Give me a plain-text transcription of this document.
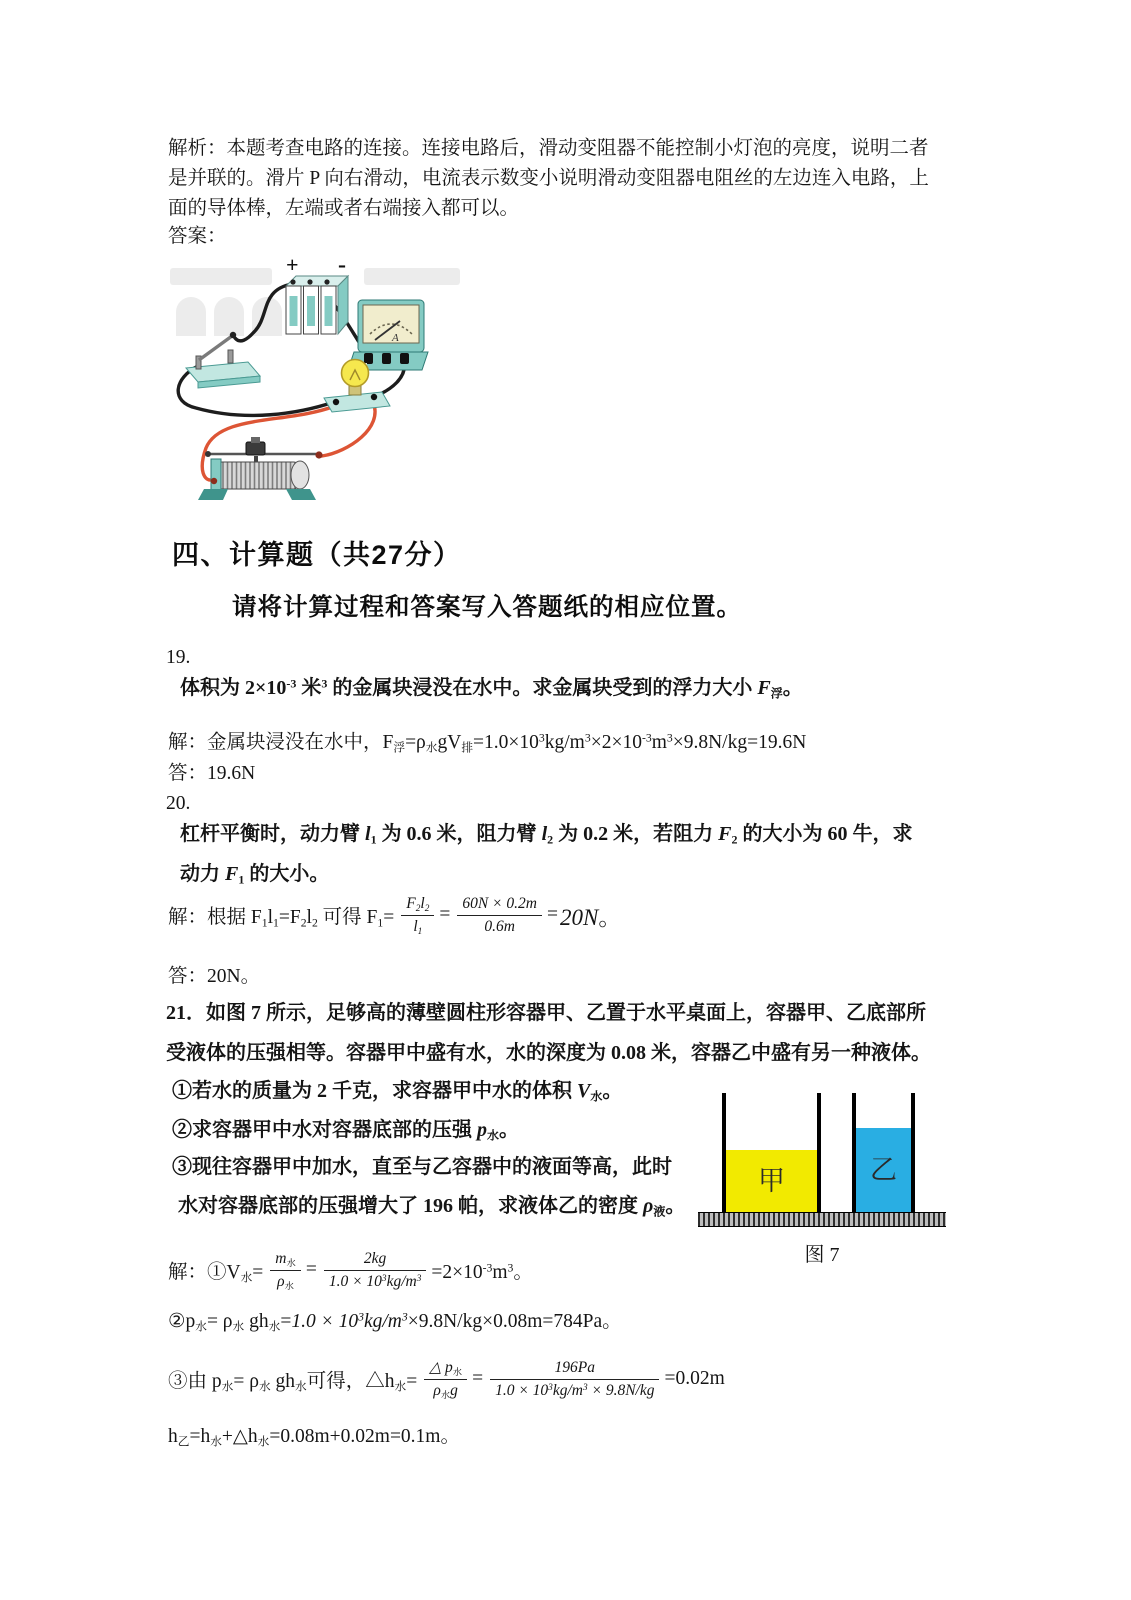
解析：本题考查电路的连接。连接电路后，滑动变阻器不能控制小灯泡的亮度，说明二者是并联的。滑片 P 向右滑动，电流表示数变小说明滑动变阻器电阻丝的左边连入电路，上面的导体棒，左端或者右端接入都可以。
答案：
+ -
A
四、计算题（共27分）
请将计算过程和答案写入答题纸的相应位置。
19.
体积为 $2\times 10^{-3}$ 米$^3$ 的金属块浸没在水中。求金属块受到的浮力大小 $F_浮$。
解：金属块浸没在水中，$F_浮=\rho_水gV_排=1.0\times 10^3kg/m^3\times 2\times 10^{-3}m^3\times 9.8N/kg=19.6N$
答：19.6N
20.
杠杆平衡时，动力臂 $l_1$ 为 0.6 米，阻力臂 $l_2$ 为 0.2 米，若阻力 $F_2$ 的大小为 60 牛，求动力 $F_1$ 的大小。
解：根据 $F_1l_1=F_2l_2$ 可得 $F_1= \frac{F_2l_2}{l_1} = \frac{60N \times 0.2m}{0.6m} = 20N$。
答：20N。
21．如图 7 所示，足够高的薄壁圆柱形容器甲、乙置于水平桌面上，容器甲、乙底部所受液体的压强相等。容器甲中盛有水，水的深度为 0.08 米，容器乙中盛有另一种液体。
①若水的质量为 2 千克，求容器甲中水的体积 $V_水$。
②求容器甲中水对容器底部的压强 $p_水$。
③现往容器甲中加水，直至与乙容器中的液面等高，此时
水对容器底部的压强增大了 196 帕，求液体乙的密度 $\rho_液$。
甲	乙
图 7
解：$①V_水= \frac{m_水}{\rho_水} = \frac{2kg}{1.0 \times 10^3kg/m^3} =2\times 10^{-3}m^3$。
$②p_水= \rho_水$ $gh_水=1.0 \times 10^3kg/m^3\times 9.8N/kg\times 0.08m=784Pa$。
③由 $p_水= \rho_水$ $gh_水$可得，$\triangle h_水= \frac{\triangle p_水}{\rho_水g} = \frac{196Pa}{1.0 \times 10^3kg/m^3 \times 9.8N/kg} =0.02m$
$h_乙=h_水+\triangle h_水=0.08m+0.02m=0.1m$。
